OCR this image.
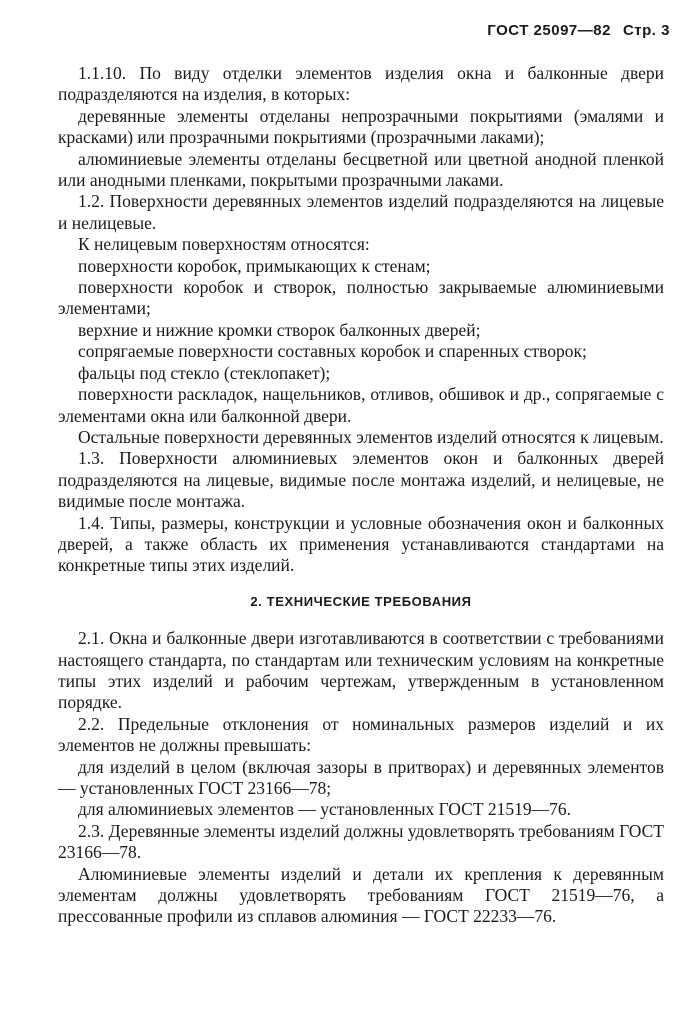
ГОСТ 25097—82 Стр. 3

1.1.10. По виду отделки элементов изделия окна и балконные двери подразделяются на изделия, в которых:

деревянные элементы отделаны непрозрачными покрытиями (эмалями и красками) или прозрачными покрытиями (прозрачными лаками);

алюминиевые элементы отделаны бесцветной или цветной анодной пленкой или анодными пленками, покрытыми прозрачными лаками.

1.2. Поверхности деревянных элементов изделий подразделяются на лицевые и нелицевые.

К нелицевым поверхностям относятся:

поверхности коробок, примыкающих к стенам;

поверхности коробок и створок, полностью закрываемые алюминиевыми элементами;

верхние и нижние кромки створок балконных дверей;

сопрягаемые поверхности составных коробок и спаренных створок;

фальцы под стекло (стеклопакет);

поверхности раскладок, нащельников, отливов, обшивок и др., сопрягаемые с элементами окна или балконной двери.

Остальные поверхности деревянных элементов изделий относятся к лицевым.

1.3. Поверхности алюминиевых элементов окон и балконных дверей подразделяются на лицевые, видимые после монтажа изделий, и нелицевые, не видимые после монтажа.

1.4. Типы, размеры, конструкции и условные обозначения окон и балконных дверей, а также область их применения устанавливаются стандартами на конкретные типы этих изделий.

2. ТЕХНИЧЕСКИЕ ТРЕБОВАНИЯ

2.1. Окна и балконные двери изготавливаются в соответствии с требованиями настоящего стандарта, по стандартам или техническим условиям на конкретные типы этих изделий и рабочим чертежам, утвержденным в установленном порядке.

2.2. Предельные отклонения от номинальных размеров изделий и их элементов не должны превышать:

для изделий в целом (включая зазоры в притворах) и деревянных элементов — установленных ГОСТ 23166—78;

для алюминиевых элементов — установленных ГОСТ 21519—76.

2.3. Деревянные элементы изделий должны удовлетворять требованиям ГОСТ 23166—78.

Алюминиевые элементы изделий и детали их крепления к деревянным элементам должны удовлетворять требованиям ГОСТ 21519—76, а прессованные профили из сплавов алюминия — ГОСТ 22233—76.
